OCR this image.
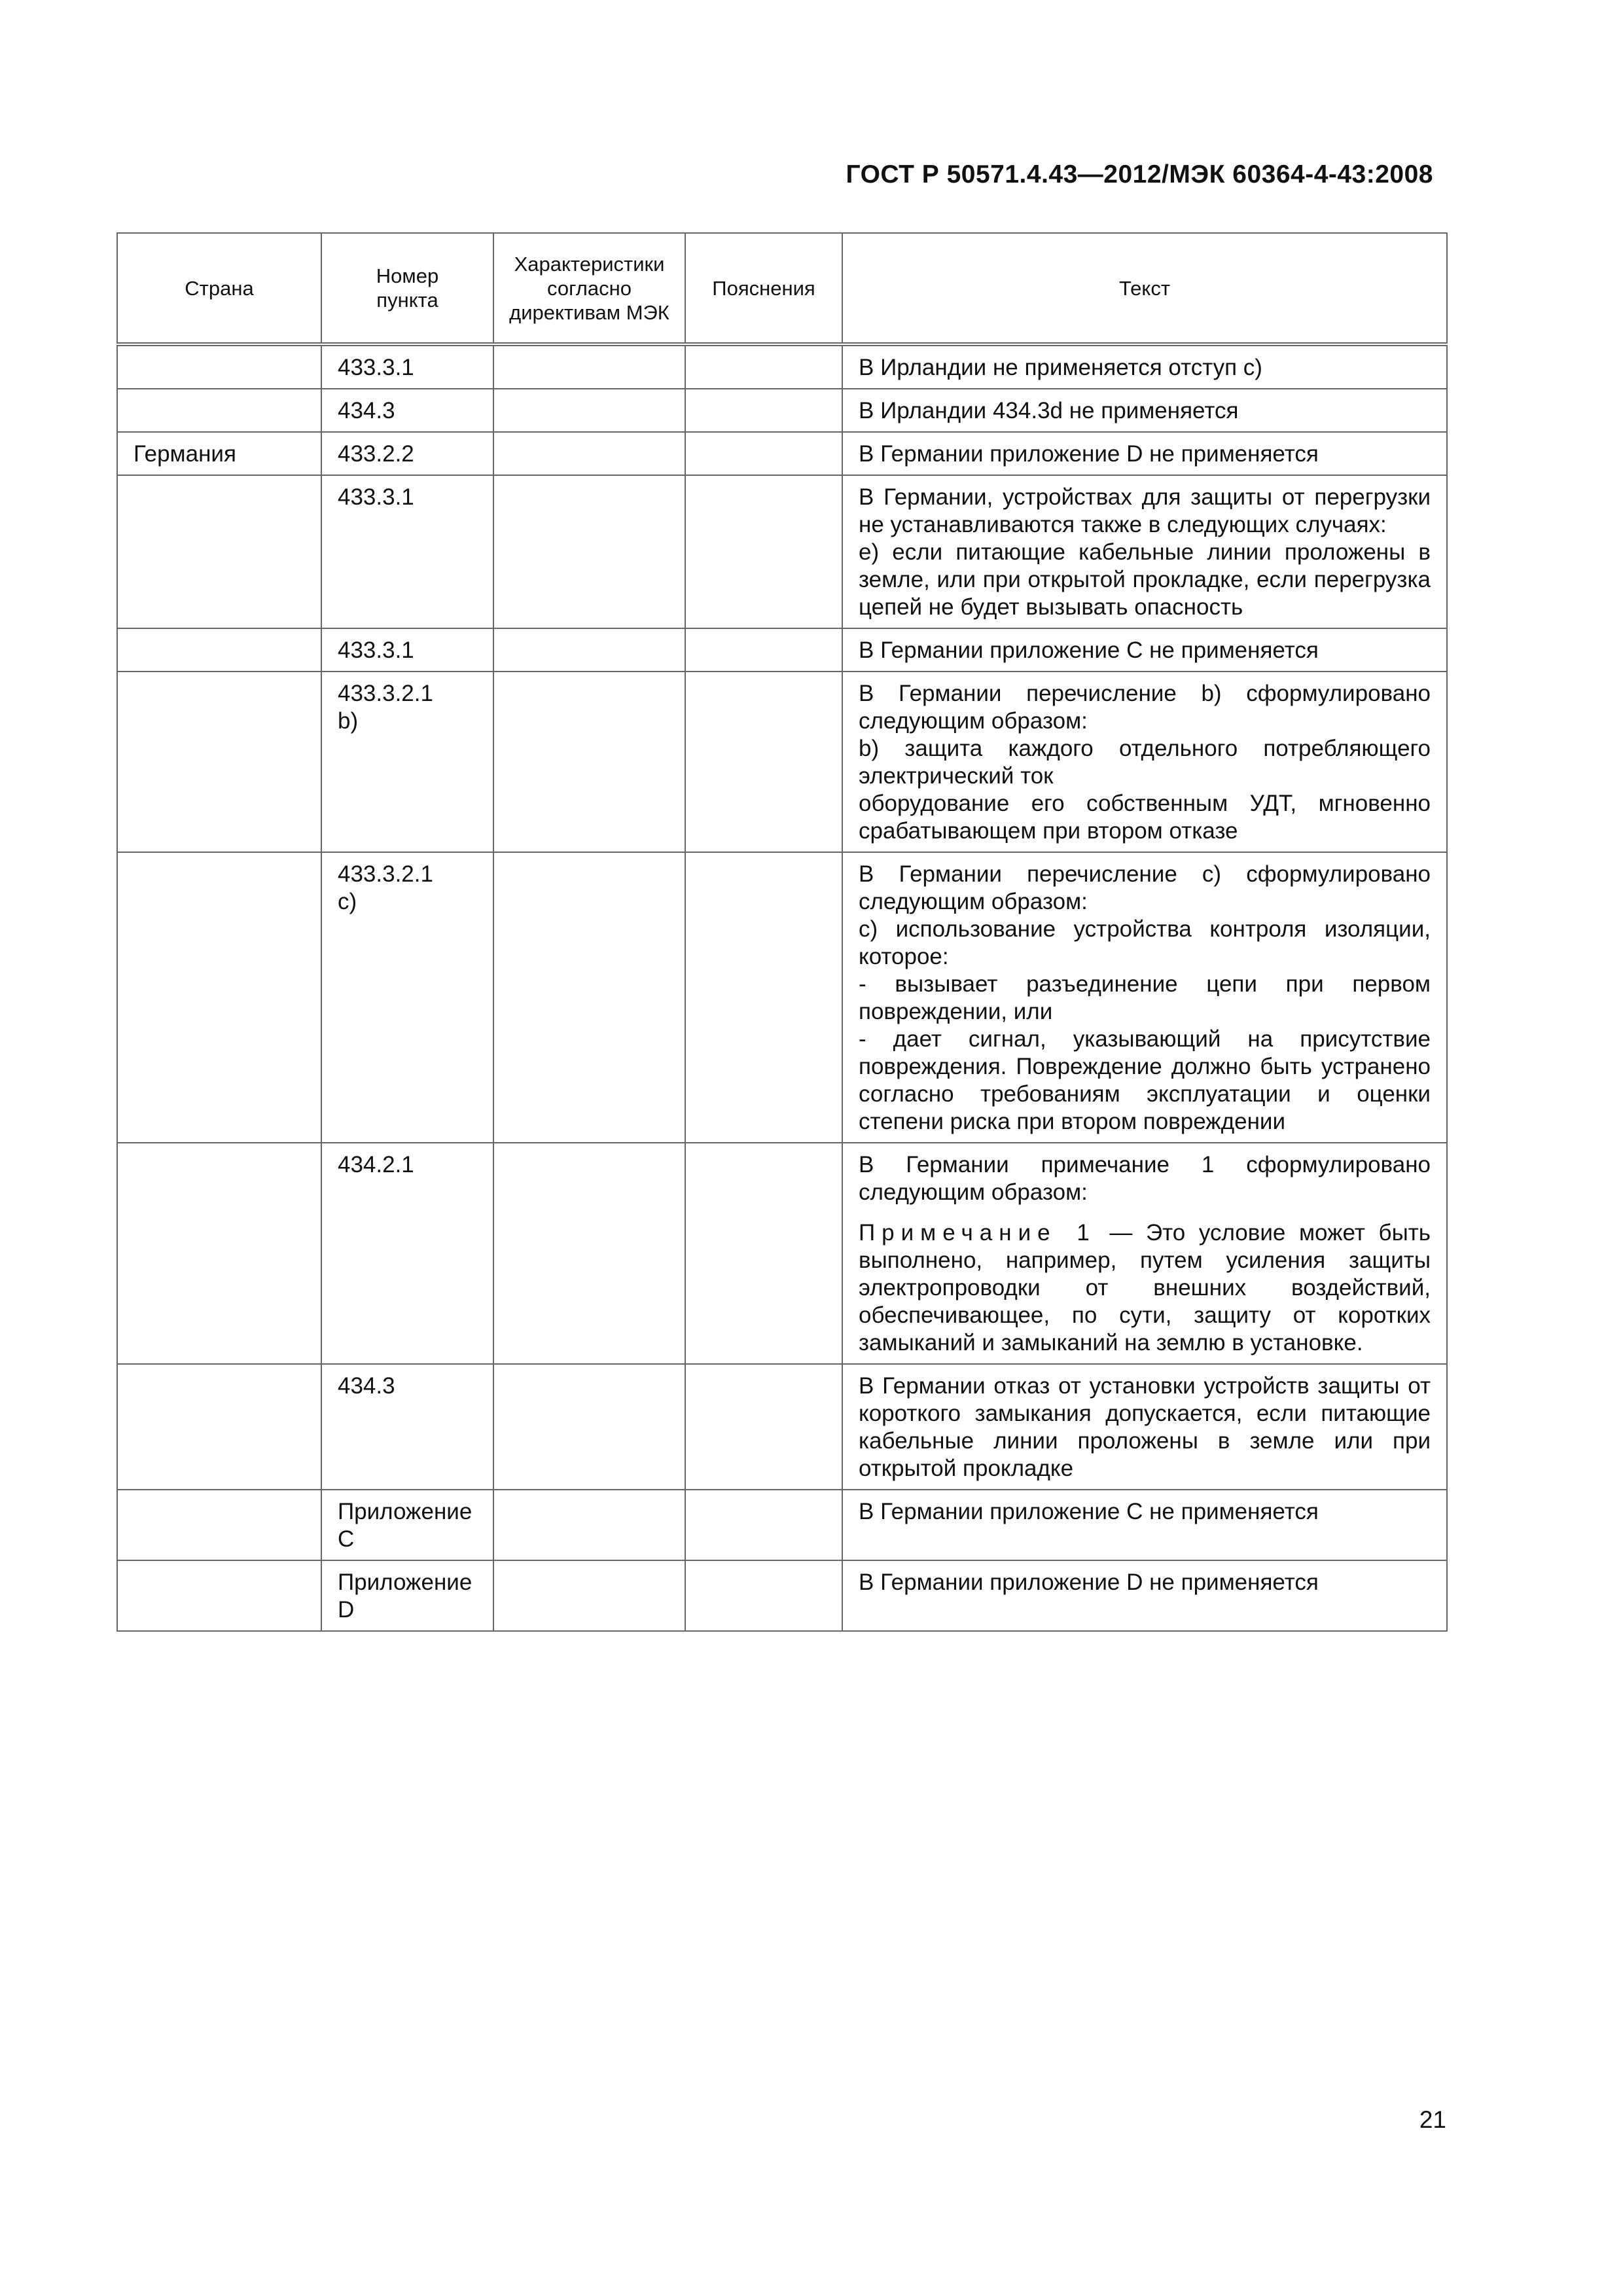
ГОСТ Р 50571.4.43—2012/МЭК 60364-4-43:2008
Страна	Номер пункта	Характеристики согласно директивам МЭК	Пояснения	Текст
	433.3.1			В Ирландии не применяется отступ c)

	434.3			В Ирландии 434.3d не применяется

Германия	433.2.2			В Германии приложение D не применяется

	433.3.1			В Германии, устройствах для защиты от перегрузки не устанавливаются также в следующих случаях:

e) если питающие кабельные линии проложены в земле, или при открытой прокладке, если перегрузка цепей не будет вызывать опасность

	433.3.1			В Германии приложение С не применяется

	433.3.2.1 b)			В Германии перечисление b) сформулировано следующим образом:

b) защита каждого отдельного потребляющего электрический ток

оборудование его собственным УДТ, мгновенно срабатывающем при втором отказе

	433.3.2.1 c)			В Германии перечисление c) сформулировано следующим образом:

c) использование устройства контроля изоляции, которое:

- вызывает разъединение цепи при первом повреждении, или

- дает сигнал, указывающий на присутствие повреждения. Повреждение должно быть устранено согласно требованиям эксплуатации и оценки степени риска при втором повреждении

	434.2.1			В Германии примечание 1 сформулировано следующим образом:

Примечание 1 — Это условие может быть выполнено, например, путем усиления защиты электропроводки от внешних воздействий, обеспечивающее, по сути, защиту от коротких замыканий и замыканий на землю в установке.

	434.3			В Германии отказ от установки устройств защиты от короткого замыкания допускается, если питающие кабельные линии проложены в земле или при открытой прокладке

	Приложение С			В Германии приложение С не применяется

	Приложение D			В Германии приложение D не применяется

21
